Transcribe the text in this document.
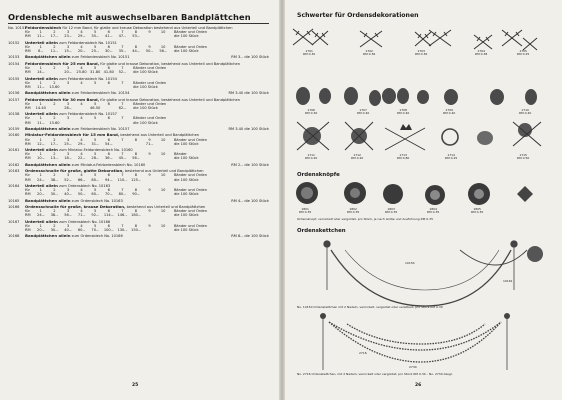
Ordensbleche mit auswechselbaren Bandplättchen
No. 10151
Feldordensblech
für 12 mm Band, für glatte und krause Dekoration bestehend aus Unterteil und Bandplättchen
für	1	2	3	4	5	6	7	8	9	10	Bänder und Orden
RM	11.–	17.–	23.–	29.–	35.–	41.–	47.–	53.–	die 100 Stück
10152	Unterteil allein
zum Feldordensblech No. 10151
für	1	2	3	4	5	6	7	8	9	10	Bänder und Orden
RM	8.–	11.–	15.–	20.–	25.–	30.–	35.–	44.–	50.–	56.–	die 100 Stück
10153	Bandplättchen allein
zum Feldordensblech No. 10151	RM 3.– die 100 Stück
10154	Feldordensblech für 25 mm Band,
für glatte und krause Dekoration, bestehend aus Unterteil und Bandplättchen
für	1	2	3	4	5	6	7	Bänder und Orden
RM	14.–	20.–	25.80 31.80 41.80	52.–	die 100 Stück
10155	Unterteil allein
zum Feldordensblech No. 10154
für	1	2	3	4	5	6	7	Bänder und Orden
RM	11.–	13.60	die 100 Stück
10156	Bandplättchen allein
zum Feldordensblech No. 10154	RM 3.40 die 100 Stück
10157	Feldordensblech für 30 mm Band,
für glatte und krause Dekoration, bestehend aus Unterteil und Bandplättchen
für	1	2	3	4	5	6	7	Bänder und Orden
RM	14.40	28.–	46.50	62.–	die 100 Stück
10158	Unterteil allein
zum Feldordensblech No. 10157
für	1	2	3	4	5	6	7	Bänder und Orden
RM	11.–	13.60	die 100 Stück
10159	Bandplättchen allein
zum Feldordensblech No. 10157	RM 3.40 die 100 Stück
10160	Miniatur-Feldordensblech für 15 mm Band,
bestehend aus Unterteil und Bandplättchen
für	1	2	3	4	5	6	7	8	9	10	Bänder und Orden
RM	12.–	17.–	25.–	29.–	31.–	54.–	71.–	die 100 Stück
10161	Unterteil allein
zum Miniatur-Feldordensblech No. 10160
für	1	2	3	4	5	6	7	8	9	10	Bänder
RM	10.–	13.–	18.–	22.–	28.–	36.–	45.–	56.–	die 100 Stück
10162	Bandplättchen allein
zum Miniatur-Feldordensblech No. 10160	RM 2.– die 100 Stück
10163	Ordensschnalle für große, glatte Dekoration,
bestehend aus Unterteil und Bandplättchen
für	1	2	3	4	5	6	7	8	9	10	Bänder und Orden
RM	24.–	38.–	52.–	66.–	80.–	94.–	110.–	125.–	die 100 Stück
10164	Unterteil allein
zum Ordensblech No. 10163
für	1	2	3	4	5	6	7	8	9	10	Bänder und Orden
RM	20.–	30.–	40.–	50.–	60.–	70.–	80.–	90.–	die 100 Stück
10165	Bandplättchen allein
zum Ordensblech No. 10163	RM 4.– die 100 Stück
10166	Ordensschnalle für große, krause Dekoration,
bestehend aus Unterteil und Bandplättchen
für	1	2	3	4	5	6	7	8	9	10	Bänder und Orden
RM	24.–	38.–	56.–	71.–	92.–	114.–	146.–	180.–	die 100 Stück
10167	Unterteil allein
zum Ordensblech No. 10166
für	1	2	3	4	5	6	7	8	9	10	Bänder und Orden
RM	20.–	30.–	40.–	60.–	70.–	100.–	130.–	150.–	die 100 Stück
10168	Bandplättchen allein
zum Ordensblech No. 10166	RM 8.– die 100 Stück
25
Schwerter für Ordensdekorationen
1701
RM 0.30
1702
RM 0.36
1703
RM 0.36
1704
RM 0.38
1705
RM 0.25
1706
RM 0.30
1707
RM 0.40
1708
RM 0.40
1709
RM 0.40
1710
RM 0.40
1711
RM 0.20
1712
RM 0.20
1713
RM 0.80
1714
RM 0.25
1715
RM 0.50
Ordensknöpfe
1801
RM 0.35
1802
RM 0.35
1803
RM 0.35
1804
RM 0.35
1805
RM 0.35
Ordensknopf, vernickelt oder vergoldet, pro Stück, je nach Größe und Ausführung RM 0.35
Ordenskettchen
10150
10161
No. 10150 Ordenskettchen mit 2 Nadeln, vernickelt, vergoldet oder versilbert, pro Stück RM 0.30
2716
2734
No. 2716 Ordenskettchen, mit 2 Nadeln, vernickelt oder vergoldet, pro Stück RM 0.30 – No. 2734 desgl.
26
